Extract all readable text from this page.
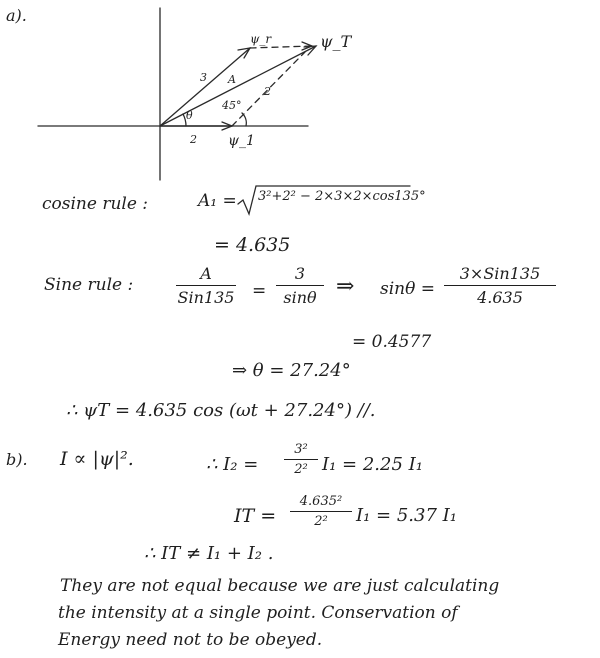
a).
ψ_r	ψ_T
3 A
2
45°
θ
2 ψ_1
cosine rule :	A₁ = 3²+2² − 2×3×2×cos135°
= 4.635
Sine rule :
A
Sin135 =
3
sinθ ⇒ sinθ =
3×Sin135
4.635
= 0.4577
⇒ θ = 27.24°
∴ ψT = 4.635 cos (ωt + 27.24°) //.
b). I ∝ |ψ|².	∴ I₂ =
3²
2² I₁ = 2.25 I₁
IT =
4.635²
2²	I₁ = 5.37 I₁
∴ IT ≠ I₁ + I₂ .
They are not equal because we are just calculating
the intensity at a single point. Conservation of
Energy need not to be obeyed.
